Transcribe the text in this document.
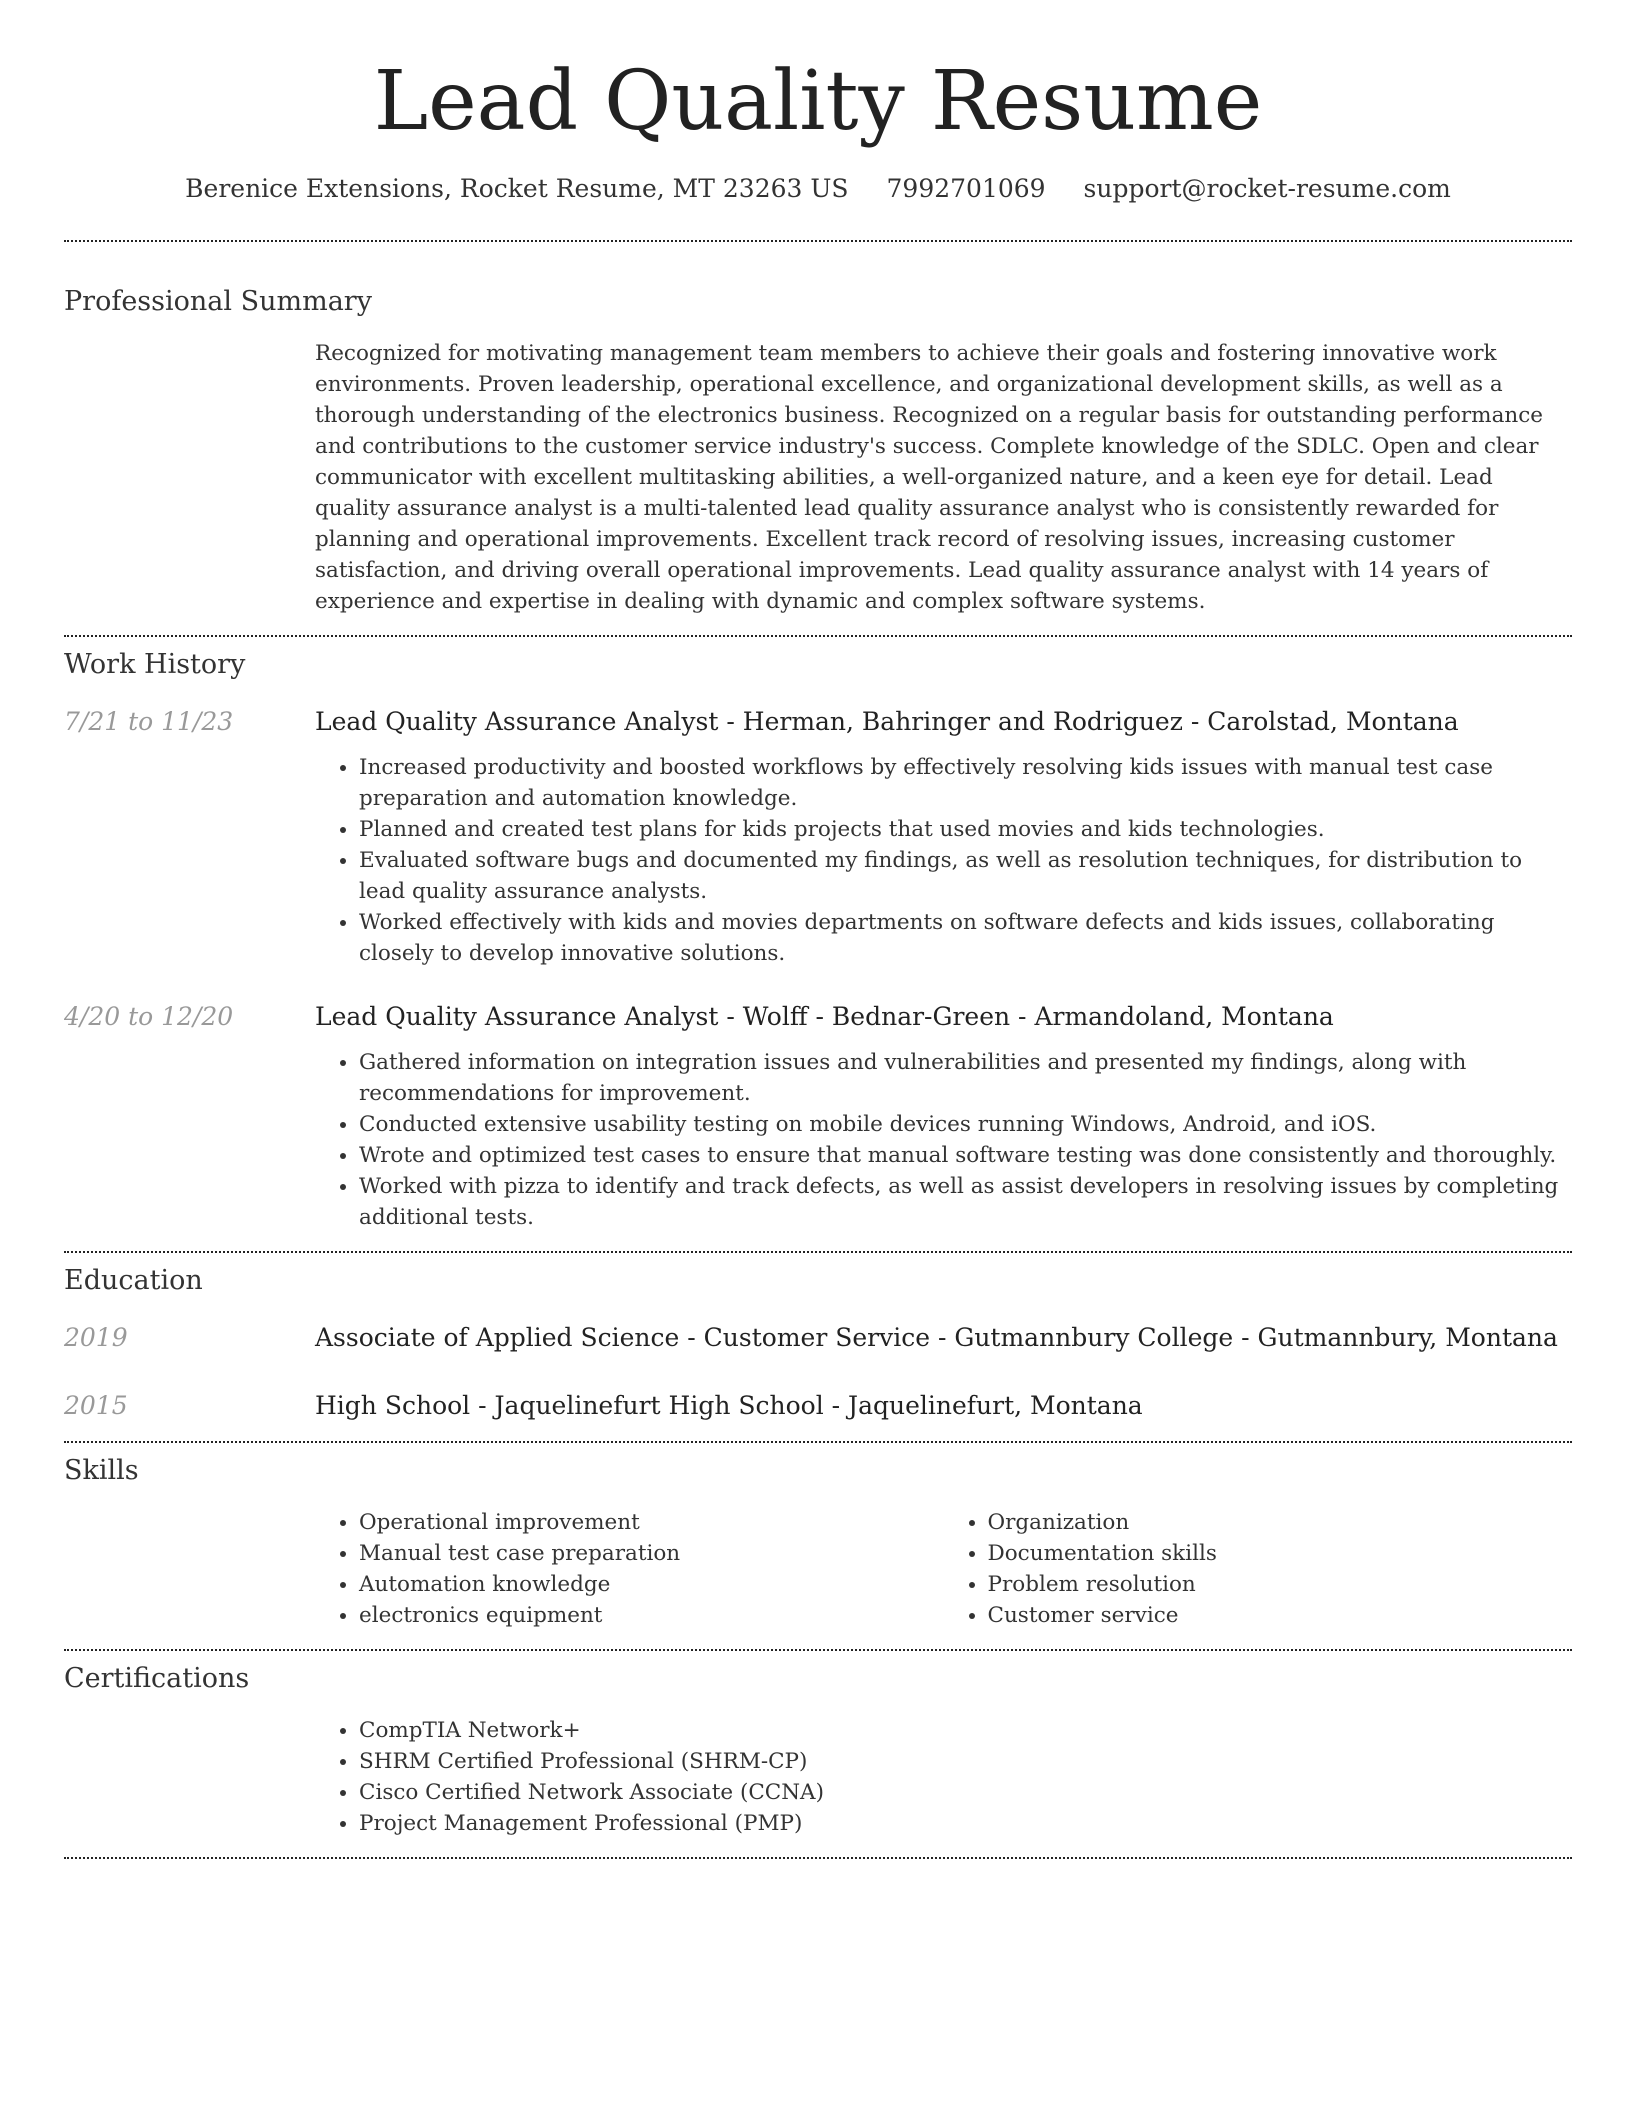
Lead Quality Resume
Berenice Extensions, Rocket Resume, MT 23263 US 7992701069 support@rocket-resume.com
Professional Summary
Recognized for motivating management team members to achieve their goals and fostering innovative work environments. Proven leadership, operational excellence, and organizational development skills, as well as a thorough understanding of the electronics business. Recognized on a regular basis for outstanding performance and contributions to the customer service industry's success. Complete knowledge of the SDLC. Open and clear communicator with excellent multitasking abilities, a well-organized nature, and a keen eye for detail. Lead quality assurance analyst is a multi-talented lead quality assurance analyst who is consistently rewarded for planning and operational improvements. Excellent track record of resolving issues, increasing customer satisfaction, and driving overall operational improvements. Lead quality assurance analyst with 14 years of experience and expertise in dealing with dynamic and complex software systems.
Work History
7/21 to 11/23	Lead Quality Assurance Analyst - Herman, Bahringer and Rodriguez - Carolstad, Montana
• Increased productivity and boosted workflows by effectively resolving kids issues with manual test case preparation and automation knowledge.
• Planned and created test plans for kids projects that used movies and kids technologies.
• Evaluated software bugs and documented my findings, as well as resolution techniques, for distribution to lead quality assurance analysts.
• Worked effectively with kids and movies departments on software defects and kids issues, collaborating closely to develop innovative solutions.
4/20 to 12/20	Lead Quality Assurance Analyst - Wolff - Bednar-Green - Armandoland, Montana
• Gathered information on integration issues and vulnerabilities and presented my findings, along with recommendations for improvement.
• Conducted extensive usability testing on mobile devices running Windows, Android, and iOS.
• Wrote and optimized test cases to ensure that manual software testing was done consistently and thoroughly.
• Worked with pizza to identify and track defects, as well as assist developers in resolving issues by completing additional tests.
Education
2019	Associate of Applied Science - Customer Service - Gutmannbury College - Gutmannbury, Montana
2015	High School - Jaquelinefurt High School - Jaquelinefurt, Montana
Skills
• Operational improvement
• Manual test case preparation
• Automation knowledge
• electronics equipment
• Organization
• Documentation skills
• Problem resolution
• Customer service
Certifications
• CompTIA Network+
• SHRM Certified Professional (SHRM-CP)
• Cisco Certified Network Associate (CCNA)
• Project Management Professional (PMP)
